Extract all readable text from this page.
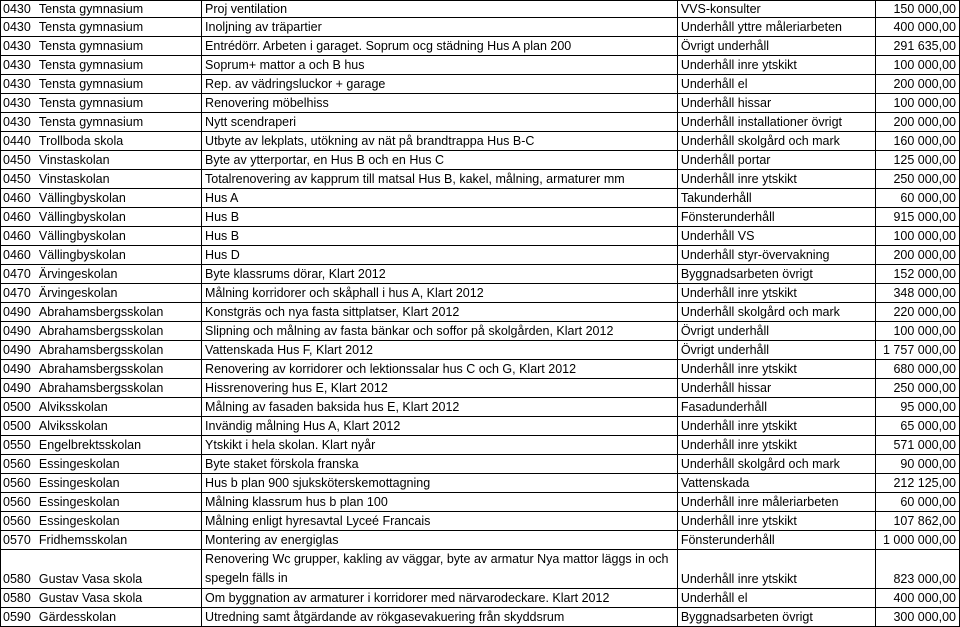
0430	Tensta gymnasium	Proj ventilation	VVS-konsulter	150 000,00
0430	Tensta gymnasium	Inoljning av träpartier	Underhåll yttre måleriarbeten	400 000,00
0430	Tensta gymnasium	Entrédörr. Arbeten i garaget. Soprum ocg städning Hus A plan 200	Övrigt underhåll	291 635,00
0430	Tensta gymnasium	Soprum+ mattor a och B hus	Underhåll inre ytskikt	100 000,00
0430	Tensta gymnasium	Rep. av vädringsluckor + garage	Underhåll el	200 000,00
0430	Tensta gymnasium	Renovering möbelhiss	Underhåll hissar	100 000,00
0430	Tensta gymnasium	Nytt scendraperi	Underhåll installationer övrigt	200 000,00
0440	Trollboda skola	Utbyte av lekplats, utökning av nät på brandtrappa Hus B-C	Underhåll skolgård och mark	160 000,00
0450	Vinstaskolan	Byte av ytterportar, en Hus B och en Hus C	Underhåll portar	125 000,00
0450	Vinstaskolan	Totalrenovering av kapprum till matsal Hus B, kakel, målning, armaturer mm	Underhåll inre ytskikt	250 000,00
0460	Vällingbyskolan	Hus A	Takunderhåll	60 000,00
0460	Vällingbyskolan	Hus B	Fönsterunderhåll	915 000,00
0460	Vällingbyskolan	Hus B	Underhåll VS	100 000,00
0460	Vällingbyskolan	Hus D	Underhåll styr-övervakning	200 000,00
0470	Ärvingeskolan	Byte klassrums dörar, Klart 2012	Byggnadsarbeten övrigt	152 000,00
0470	Ärvingeskolan	Målning korridorer och skåphall i hus A, Klart 2012	Underhåll inre ytskikt	348 000,00
0490	Abrahamsbergsskolan	Konstgräs och nya fasta sittplatser, Klart 2012	Underhåll skolgård och mark	220 000,00
0490	Abrahamsbergsskolan	Slipning och målning av fasta bänkar och soffor på skolgården, Klart 2012	Övrigt underhåll	100 000,00
0490	Abrahamsbergsskolan	Vattenskada Hus F, Klart 2012	Övrigt underhåll	1 757 000,00
0490	Abrahamsbergsskolan	Renovering av korridorer och lektionssalar hus C och G, Klart 2012	Underhåll inre ytskikt	680 000,00
0490	Abrahamsbergsskolan	Hissrenovering hus E, Klart 2012	Underhåll hissar	250 000,00
0500	Alviksskolan	Målning av fasaden baksida hus E, Klart 2012	Fasadunderhåll	95 000,00
0500	Alviksskolan	Invändig målning Hus A, Klart 2012	Underhåll inre ytskikt	65 000,00
0550	Engelbrektsskolan	Ytskikt i hela skolan. Klart nyår	Underhåll inre ytskikt	571 000,00
0560	Essingeskolan	Byte staket förskola franska	Underhåll skolgård och mark	90 000,00
0560	Essingeskolan	Hus b plan 900 sjuksköterskemottagning	Vattenskada	212 125,00
0560	Essingeskolan	Målning klassrum hus b plan 100	Underhåll inre måleriarbeten	60 000,00
0560	Essingeskolan	Målning enligt hyresavtal Lyceé Francais	Underhåll inre ytskikt	107 862,00
0570	Fridhemsskolan	Montering av energiglas	Fönsterunderhåll	1 000 000,00
0580	Gustav Vasa skola	Renovering Wc grupper, kakling av väggar, byte av armatur Nya mattor läggs in och spegeln fälls in	Underhåll inre ytskikt	823 000,00
0580	Gustav Vasa skola	Om byggnation av armaturer i korridorer med närvarodeckare. Klart 2012	Underhåll el	400 000,00
0590	Gärdesskolan	Utredning samt åtgärdande av rökgasevakuering från skyddsrum	Byggnadsarbeten övrigt	300 000,00
